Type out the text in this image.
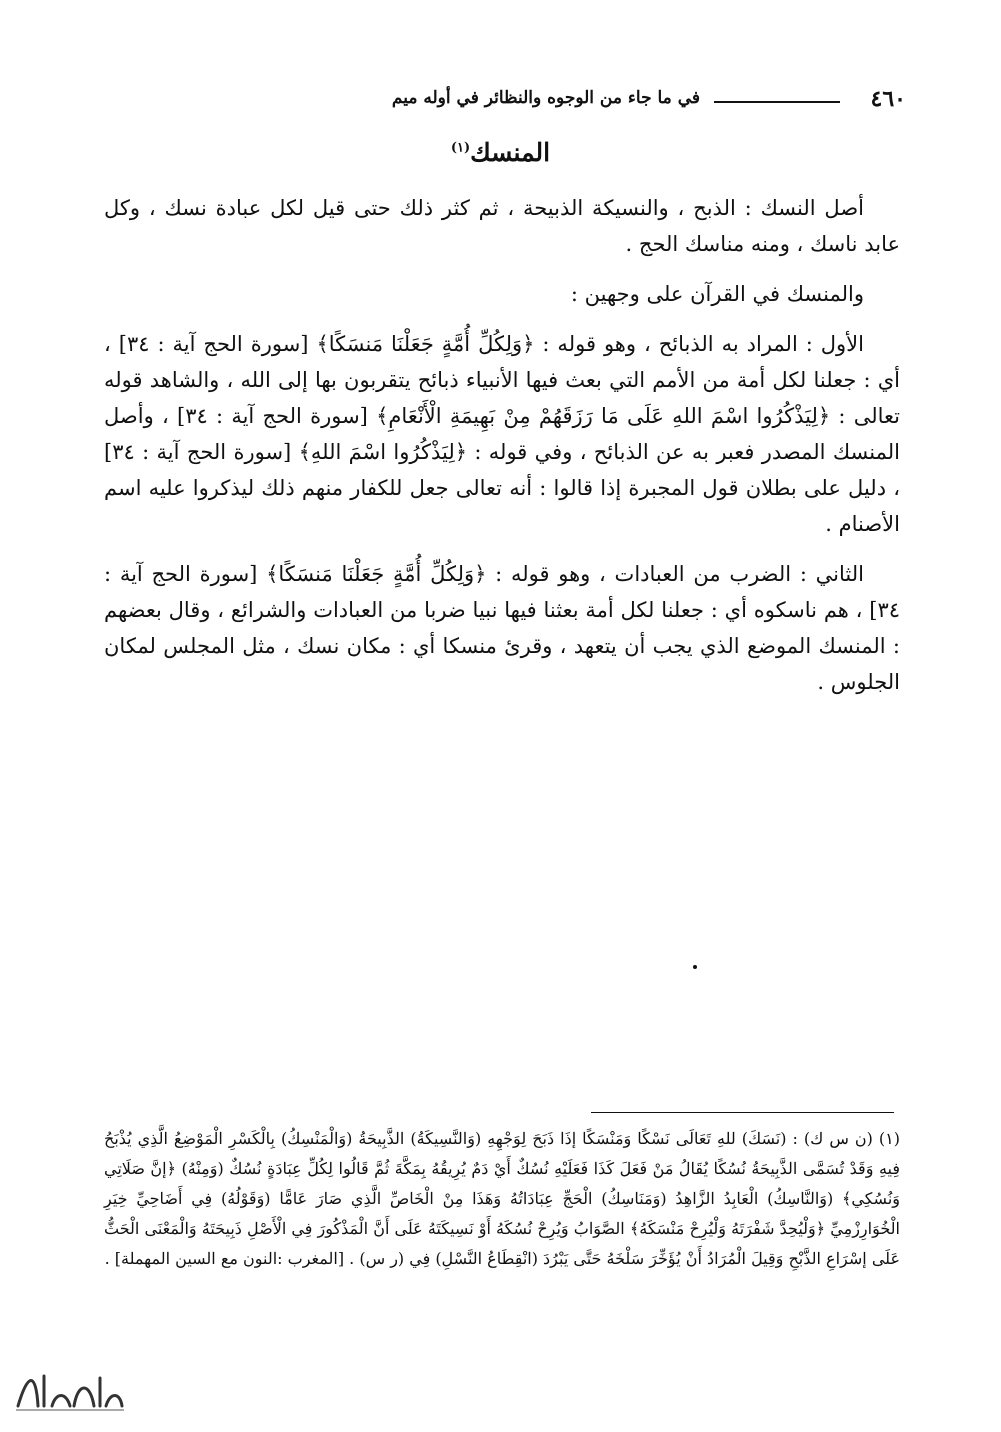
٤٦٠
في ما جاء من الوجوه والنظائر في أوله ميم
المنسك$^{(١)}$

أصل النسك : الذبح ، والنسيكة الذبيحة ، ثم كثر ذلك حتى قيل لكل عبادة نسك ، وكل عابد ناسك ، ومنه مناسك الحج .

والمنسك في القرآن على وجهين :

الأول : المراد به الذبائح ، وهو قوله : ﴿وَلِكُلِّ أُمَّةٍ جَعَلْنَا مَنسَكًا﴾ [سورة الحج آية : ٣٤] ، أي : جعلنا لكل أمة من الأمم التي بعث فيها الأنبياء ذبائح يتقربون بها إلى الله ، والشاهد قوله تعالى : ﴿لِيَذْكُرُوا اسْمَ اللهِ عَلَى مَا رَزَقَهُمْ مِنْ بَهِيمَةِ الْأَنْعَامِ﴾ [سورة الحج آية : ٣٤] ، وأصل المنسك المصدر فعبر به عن الذبائح ، وفي قوله : ﴿لِيَذْكُرُوا اسْمَ اللهِ﴾ [سورة الحج آية : ٣٤] ، دليل على بطلان قول المجبرة إذا قالوا : أنه تعالى جعل للكفار منهم ذلك ليذكروا عليه اسم الأصنام .

الثاني : الضرب من العبادات ، وهو قوله : ﴿وَلِكُلِّ أُمَّةٍ جَعَلْنَا مَنسَكًا﴾ [سورة الحج آية : ٣٤] ، هم ناسكوه أي : جعلنا لكل أمة بعثنا فيها نبيا ضربا من العبادات والشرائع ، وقال بعضهم : المنسك الموضع الذي يجب أن يتعهد ، وقرئ منسكا أي : مكان نسك ، مثل المجلس لمكان الجلوس .

(١) (ن س ك) : (نَسَكَ) للهِ تَعَالَى نَسْكًا وَمَنْسَكًا إذَا ذَبَحَ لِوَجْهِهِ (وَالنَّسِيكَةُ) الذَّبِيحَةُ (وَالْمَنْسِكُ) بِالْكَسْرِ الْمَوْضِعُ الَّذِي يُذْبَحُ فِيهِ وَقَدْ تُسَمَّى الذَّبِيحَةُ نُسُكًا يُقَالُ مَنْ فَعَلَ كَذَا فَعَلَيْهِ نُسُكٌ أَيْ دَمٌ يُرِيقُهُ بِمَكَّةَ ثُمَّ قَالُوا لِكُلِّ عِبَادَةٍ نُسُكٌ (وَمِنْهُ) ﴿إنَّ صَلَاتِي وَنُسُكِي﴾ (وَالنَّاسِكُ) الْعَابِدُ الزَّاهِدُ (وَمَنَاسِكُ) الْحَجِّ عِبَادَاتُهُ وَهَذَا مِنْ الْخَاصِّ الَّذِي صَارَ عَامًّا (وَقَوْلُهُ) فِي أَضَاحِيِّ خِيَرِ الْخُوَارِزْمِيِّ ﴿وَلْيُحِدَّ شَفْرَتَهُ وَلْيُرِحْ مَنْسَكَهُ﴾ الصَّوَابُ وَيُرِحْ نُسُكَهُ أَوْ نَسِيكَتَهُ عَلَى أَنَّ الْمَذْكُورَ فِي الْأَصْلِ ذَبِيحَتَهُ وَالْمَعْنَى الْحَثُّ عَلَى إسْرَاعِ الذَّبْحِ وَقِيلَ الْمُرَادُ أَنْ يُؤَخِّرَ سَلْخَهُ حَتَّى يَبْرُدَ (انْقِطَاعُ النَّسْلِ) فِي (ر س) . [المغرب :النون مع السين المهملة] .
